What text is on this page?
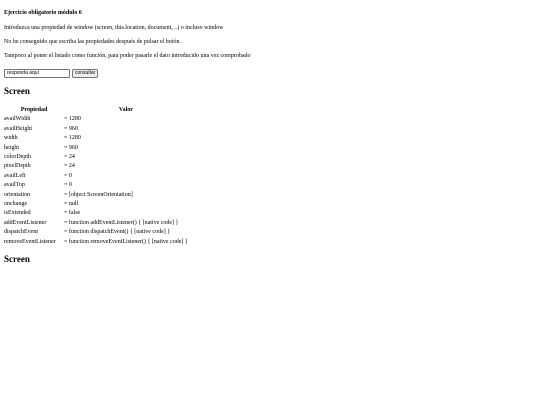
Ejercicio obligatorio módulo 6

Introduzca una propiedad de window (screen, this.location, document, ..) o incluso window

No he conseguido que escriba las propiedades después de pulsar el botón.

Tampoco al poner el listado como función, para poder pasarle el dato introducido una vez comprobado

responda aquí
consultar
Screen
Propiedad	Valor
availWidth	= 1280
availHeight	= 960
width	= 1280
height	= 960
colorDepth	= 24
pixelDepth	= 24
availLeft	= 0
availTop	= 0
orientation	= [object ScreenOrientation]
onchange	= null
isExtended	= false
addEventListener	= function addEventListener() { [native code] }
dispatchEvent	= function dispatchEvent() { [native code] }
removeEventListener	= function removeEventListener() { [native code] }
Screen
